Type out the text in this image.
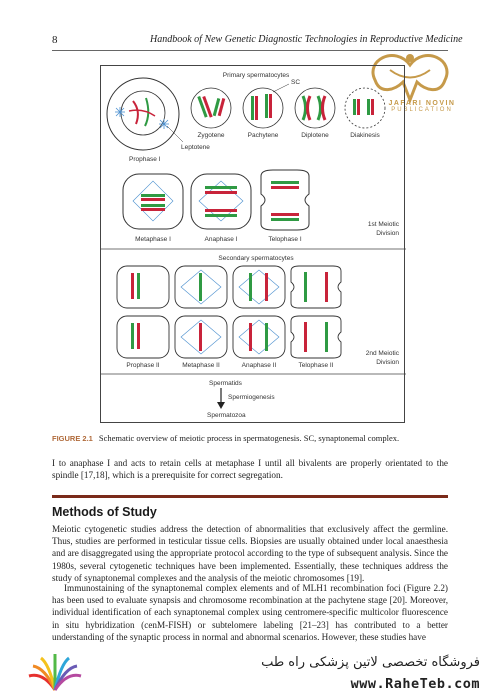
8	Handbook of New Genetic Diagnostic Technologies in Reproductive Medicine
JAFARI NOVIN
PUBLICATION
Primary spermatocytes
Prophase I
Leptotene
Zygotene
SC
Pachytene	Diplotene	Diakinesis
Metaphase I	Anaphase I	Telophase I
1st Meiotic
Division
Secondary spermatocytes
Prophase II	Metaphase II	Anaphase II	Telophase II
2nd Meiotic
Division
Spermatids
Spermiogenesis
Spermatozoa
FIGURE 2.1 Schematic overview of meiotic process in spermatogenesis. SC, synaptonemal complex.
I to anaphase I and acts to retain cells at metaphase I until all bivalents are properly orientated to the spindle [17,18], which is a prerequisite for correct segregation.
Methods of Study
Meiotic cytogenetic studies address the detection of abnormalities that exclusively affect the germline. Thus, studies are performed in testicular tissue cells. Biopsies are usually obtained under local anaesthesia and are disaggregated using the appropriate protocol according to the type of subsequent analysis. Since the 1980s, several cytogenetic techniques have been implemented. Essentially, these techniques address the study of synaptonemal complexes and the analysis of the meiotic chromosomes [19].
Immunostaining of the synaptonemal complex elements and of MLH1 recombination foci (Figure 2.2) has been used to evaluate synapsis and chromosome recombination at the pachytene stage [20]. Moreover, individual identification of each synaptonemal complex using centromere-specific multicolor fluorescence in situ hybridization (cenM-FISH) or subtelomere labeling [21–23] has contributed to a better understanding of the synaptic process in normal and abnormal scenarios. However, these studies have
فروشگاه تخصصی لاتین پزشکی راه طب
www.RaheTeb.com
